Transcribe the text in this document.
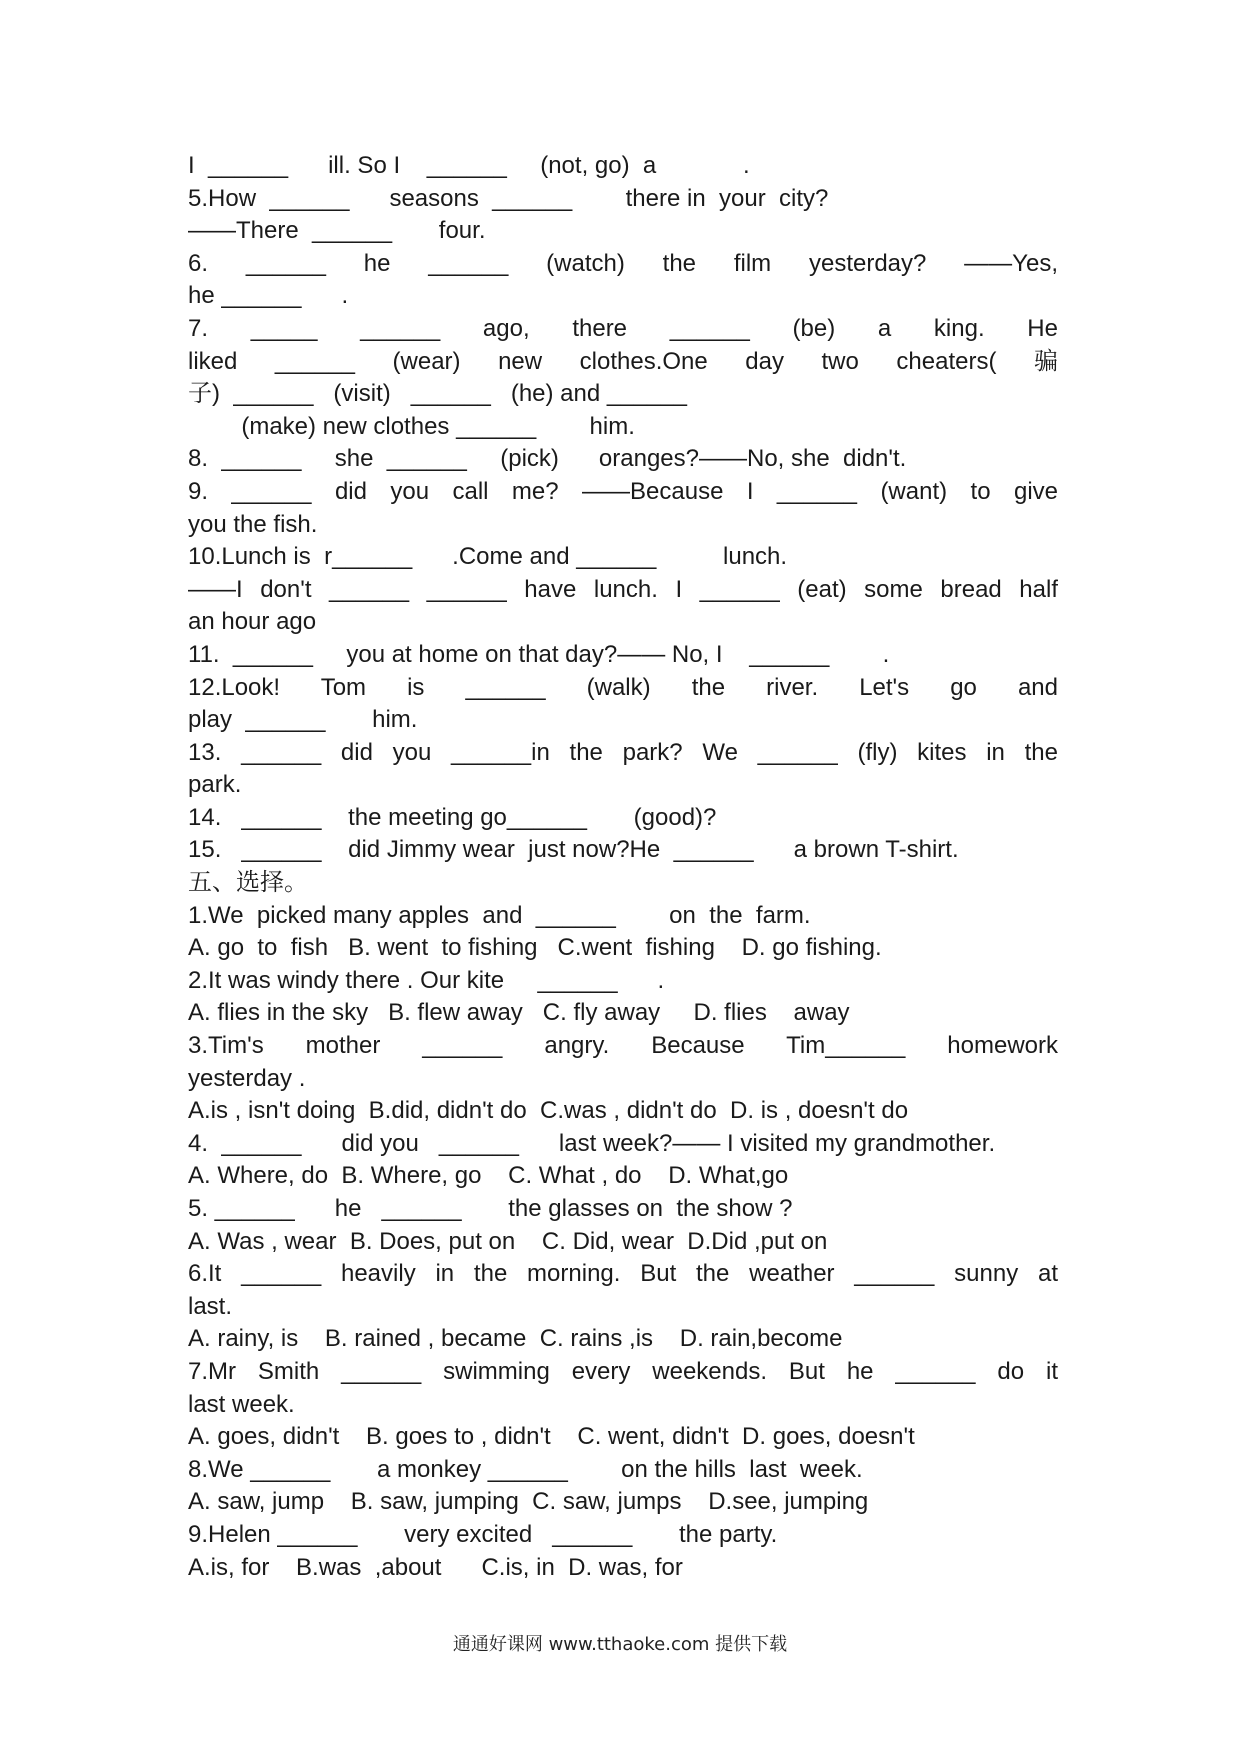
I  ______      ill. So I    ______     (not, go)  a             .
5.How  ______      seasons  ______        there in  your  city?
——There  ______       four.
6. ______ he ______ (watch) the film yesterday? ——Yes,
he ______      .
7. _____ ______ ago, there ______ (be) a king. He
liked ______ (wear) new clothes.One day two cheaters( 骗
子)  ______   (visit)   ______   (he) and ______
(make) new clothes ______        him.
8.  ______     she  ______     (pick)      oranges?——No, she  didn't.
9. ______ did you call me? ——Because I ______ (want) to give
you the fish.
10.Lunch is  r______      .Come and ______          lunch.
——I don't ______ ______ have lunch. I ______ (eat) some bread half
an hour ago
11.  ______     you at home on that day?—— No, I    ______        .
12.Look! Tom is ______ (walk) the river. Let's go and
play  ______       him.
13. ______ did you ______in the park? We ______ (fly) kites in the
park.
14.   ______    the meeting go______       (good)?
15.   ______    did Jimmy wear  just now?He  ______      a brown T-shirt.
五、选择。
1.We  picked many apples  and  ______        on  the  farm.
A. go  to  fish   B. went  to fishing   C.went  fishing    D. go fishing.
2.It was windy there . Our kite     ______      .
A. flies in the sky   B. flew away   C. fly away     D. flies    away
3.Tim's mother ______ angry. Because Tim______ homework
yesterday .
A.is , isn't doing  B.did, didn't do  C.was , didn't do  D. is , doesn't do
4.  ______      did you   ______      last week?—— I visited my grandmother.
A. Where, do  B. Where, go    C. What , do    D. What,go
5. ______      he   ______       the glasses on  the show ?
A. Was , wear  B. Does, put on    C. Did, wear  D.Did ,put on
6.It ______ heavily in the morning. But the weather ______ sunny at
last.
A. rainy, is    B. rained , became  C. rains ,is    D. rain,become
7.Mr Smith ______ swimming every weekends. But he ______ do it
last week.
A. goes, didn't    B. goes to , didn't    C. went, didn't  D. goes, doesn't
8.We ______       a monkey ______        on the hills  last  week.
A. saw, jump    B. saw, jumping  C. saw, jumps    D.see, jumping
9.Helen ______       very excited   ______       the party.
A.is, for    B.was  ,about      C.is, in  D. was, for
通通好课网 www.tthaoke.com 提供下载
